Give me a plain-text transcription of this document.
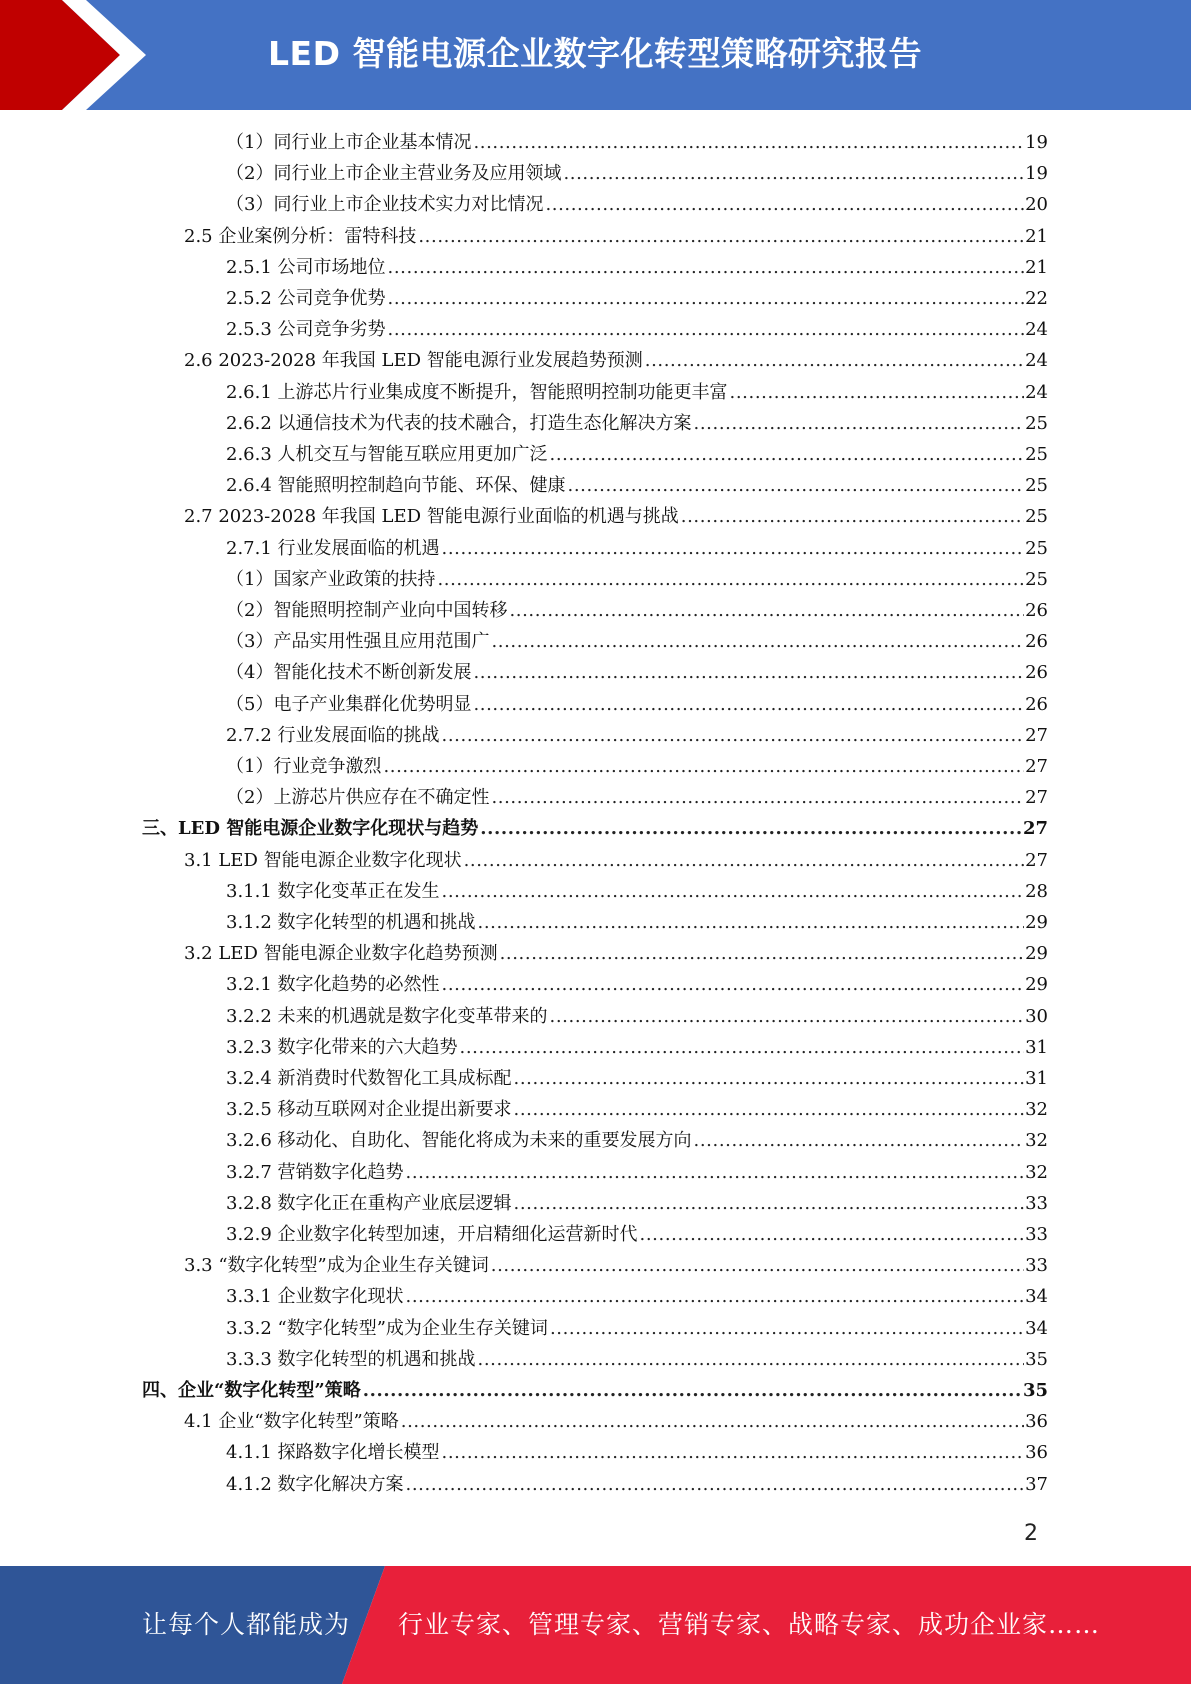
LED 智能电源企业数字化转型策略研究报告
（1）同行业上市企业基本情况 .....	19
（2）同行业上市企业主营业务及应用领域 .....	19
（3）同行业上市企业技术实力对比情况 .....	20
2.5 企业案例分析：雷特科技 .....	21
2.5.1 公司市场地位 .....	21
2.5.2 公司竞争优势 .....	22
2.5.3 公司竞争劣势 .....	24
2.6 2023-2028 年我国 LED 智能电源行业发展趋势预测 .....	24
2.6.1 上游芯片行业集成度不断提升，智能照明控制功能更丰富 .....	24
2.6.2 以通信技术为代表的技术融合，打造生态化解决方案 .....	25
2.6.3 人机交互与智能互联应用更加广泛 .....	25
2.6.4 智能照明控制趋向节能、环保、健康 .....	25
2.7 2023-2028 年我国 LED 智能电源行业面临的机遇与挑战 .....	25
2.7.1 行业发展面临的机遇 .....	25
（1）国家产业政策的扶持 .....	25
（2）智能照明控制产业向中国转移 .....	26
（3）产品实用性强且应用范围广 .....	26
（4）智能化技术不断创新发展 .....	26
（5）电子产业集群化优势明显 .....	26
2.7.2 行业发展面临的挑战 .....	27
（1）行业竞争激烈 .....	27
（2）上游芯片供应存在不确定性 .....	27
三、LED 智能电源企业数字化现状与趋势 .....	27
3.1 LED 智能电源企业数字化现状 .....	27
3.1.1 数字化变革正在发生 .....	28
3.1.2 数字化转型的机遇和挑战 .....	29
3.2 LED 智能电源企业数字化趋势预测 .....	29
3.2.1 数字化趋势的必然性 .....	29
3.2.2 未来的机遇就是数字化变革带来的 .....	30
3.2.3 数字化带来的六大趋势 .....	31
3.2.4 新消费时代数智化工具成标配 .....	31
3.2.5 移动互联网对企业提出新要求 .....	32
3.2.6 移动化、自助化、智能化将成为未来的重要发展方向 .....	32
3.2.7 营销数字化趋势 .....	32
3.2.8 数字化正在重构产业底层逻辑 .....	33
3.2.9 企业数字化转型加速，开启精细化运营新时代 .....	33
3.3 “数字化转型”成为企业生存关键词 .....	33
3.3.1 企业数字化现状 .....	34
3.3.2 “数字化转型”成为企业生存关键词 .....	34
3.3.3 数字化转型的机遇和挑战 .....	35
四、企业“数字化转型”策略 .....	35
4.1 企业“数字化转型”策略 .....	36
4.1.1 探路数字化增长模型 .....	36
4.1.2 数字化解决方案 .....	37
2
让每个人都能成为 行业专家、管理专家、营销专家、战略专家、成功企业家……
